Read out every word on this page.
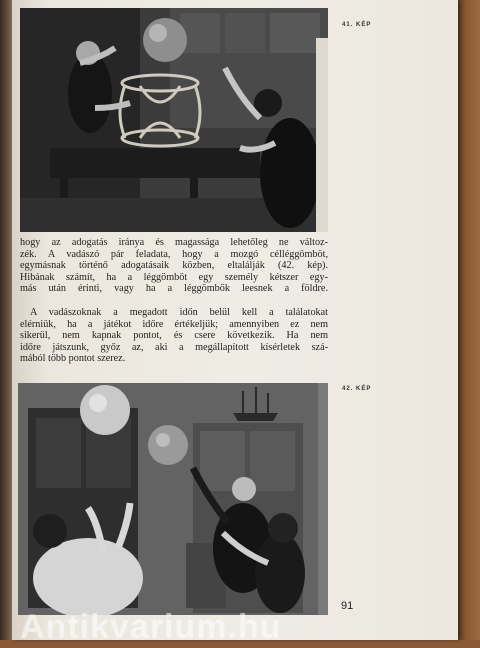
41. KÉP
hogy az adogatás iránya és magassága lehetőleg ne változ-
zék. A vadászó pár feladata, hogy a mozgó célléggömböt,
egymásnak történő adogatásaik közben, eltalálják (42. kép).
Hibának számít, ha a léggömböt egy személy kétszer egy-
más után érinti, vagy ha a léggömbök leesnek a földre.
A vadászoknak a megadott időn belül kell a találatokat
elérniük, ha a játékot időre értékeljük; amennyiben ez nem
sikerül, nem kapnak pontot, és csere következik. Ha nem
időre játszunk, győz az, aki a megállapított kísérletek szá-
mából több pontot szerez.
42. KÉP
91
Antikvarium.hu
